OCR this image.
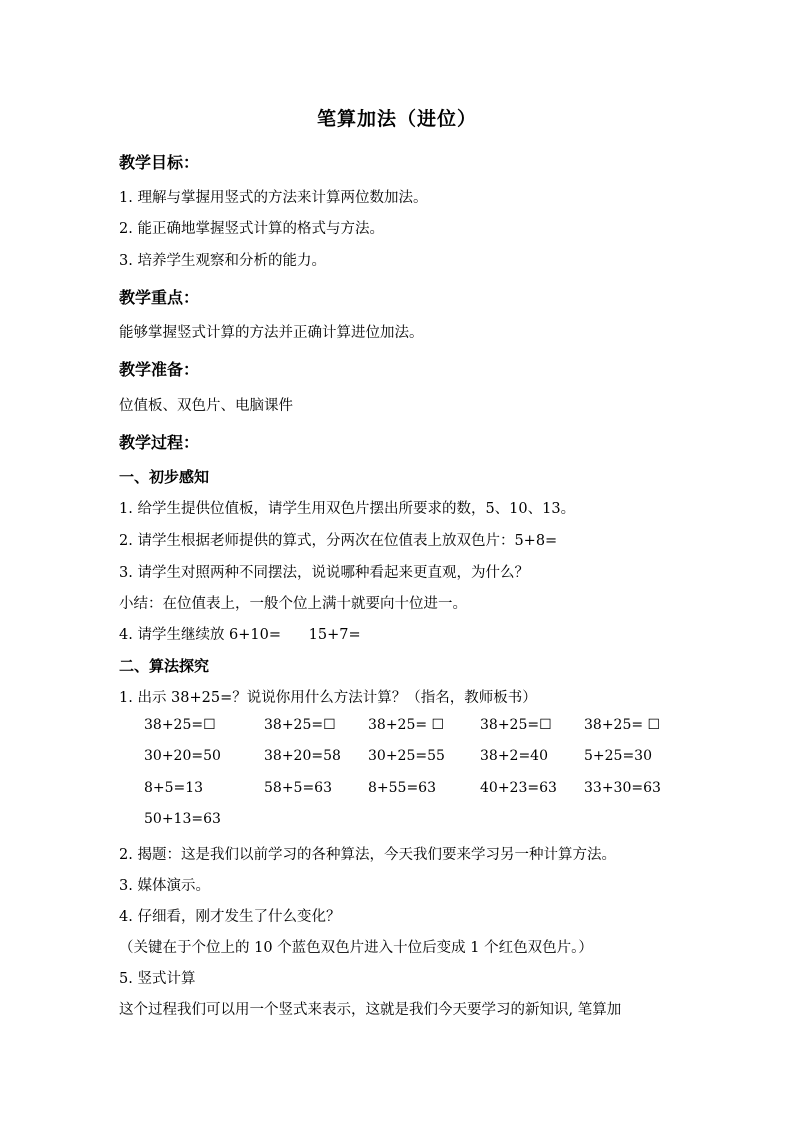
笔算加法（进位）
教学目标：
1. 理解与掌握用竖式的方法来计算两位数加法。
2. 能正确地掌握竖式计算的格式与方法。
3. 培养学生观察和分析的能力。
教学重点：
能够掌握竖式计算的方法并正确计算进位加法。
教学准备：
位值板、双色片、电脑课件
教学过程：
一、初步感知
1. 给学生提供位值板，请学生用双色片摆出所要求的数，5、10、13。
2. 请学生根据老师提供的算式，分两次在位值表上放双色片：5+8=
3. 请学生对照两种不同摆法，说说哪种看起来更直观，为什么？
小结：在位值表上，一般个位上满十就要向十位进一。
4. 请学生继续放 6+10=      15+7=
二、算法探究
1. 出示 38+25=？说说你用什么方法计算？（指名，教师板书）
38+25=☐	38+25=☐ 38+25= ☐	38+25=☐ 38+25= ☐
30+20=50	38+20=58 30+25=55	38+2=40	5+25=30
8+5=13	58+5=63	8+55=63	40+23=63 33+30=63
50+13=63
2. 揭题：这是我们以前学习的各种算法，今天我们要来学习另一种计算方法。
3. 媒体演示。
4. 仔细看，刚才发生了什么变化？
（关键在于个位上的 10 个蓝色双色片进入十位后变成 1 个红色双色片。）
5. 竖式计算
这个过程我们可以用一个竖式来表示，这就是我们今天要学习的新知识, 笔算加
